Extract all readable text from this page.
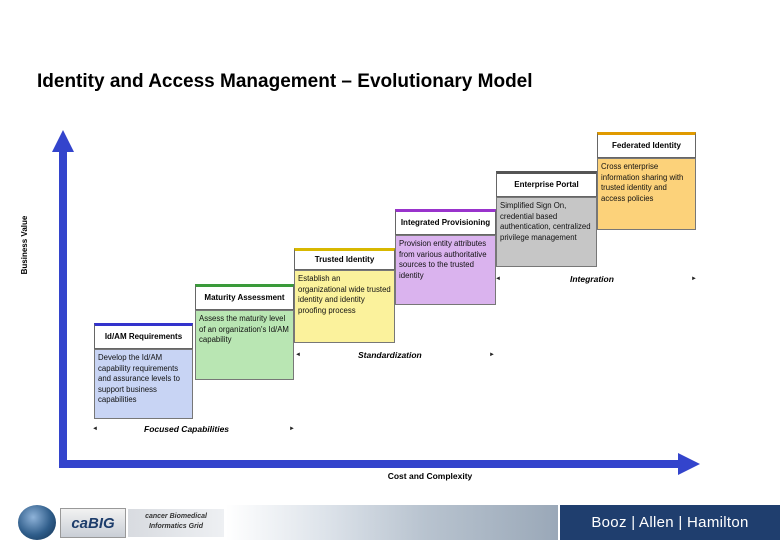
Identity and Access Management – Evolutionary Model
Business Value
Cost and Complexity
Id/AM Requirements
Develop the Id/AM capability requirements and assurance levels to support business capabilities
Maturity Assessment
Assess the maturity level of an organization's Id/AM capability
Trusted Identity
Establish an organizational wide trusted identity and identity proofing process
Integrated Provisioning
Provision entity attributes from various authoritative sources to the trusted identity
Enterprise Portal
Simplified Sign On, credential based authentication, centralized privilege management
Federated Identity
Cross enterprise information sharing with trusted identity and access policies
◄	Focused Capabilities	►
◄	Standardization	►
◄	Integration	►
caBIG	cancer Biomedical
Informatics Grid	Booz | Allen | Hamilton
